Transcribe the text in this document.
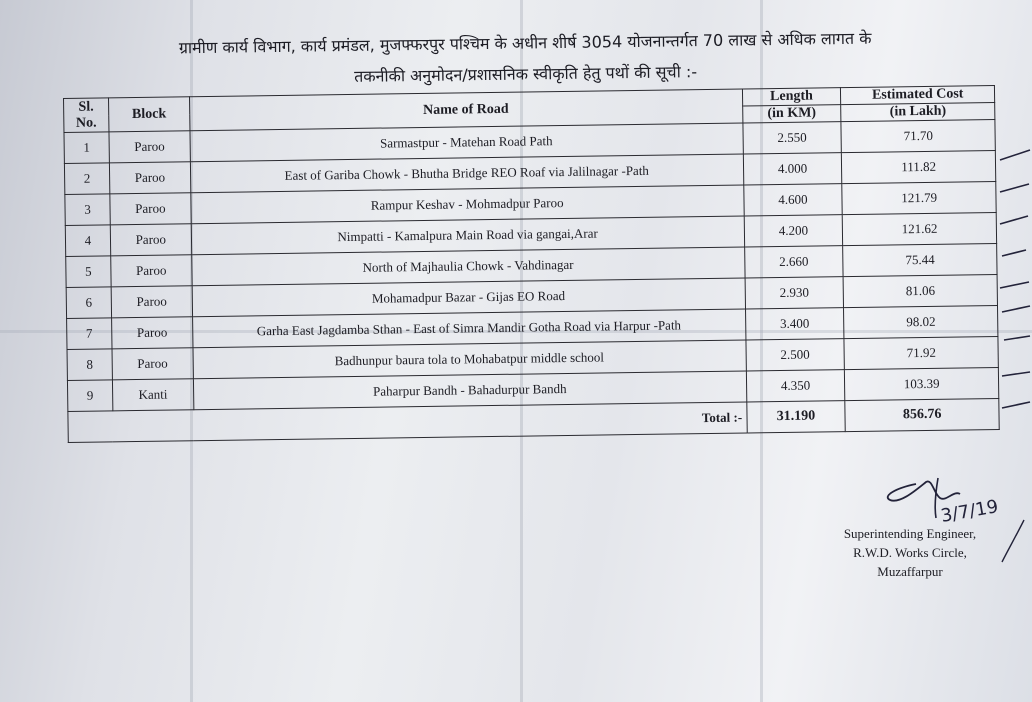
ग्रामीण कार्य विभाग, कार्य प्रमंडल, मुजफ्फरपुर पश्चिम के अधीन शीर्ष 3054 योजनान्तर्गत 70 लाख से अधिक लागत के
तकनीकी अनुमोदन/प्रशासनिक स्वीकृति हेतु पथों की सूची :-
Sl.
No.	Block	Name of Road	Length	Estimated Cost
			(in KM)	(in Lakh)
1	Paroo	Sarmastpur - Matehan Road Path	2.550	71.70
2	Paroo	East of Gariba Chowk - Bhutha Bridge REO Roaf via Jalilnagar -Path	4.000	111.82
3	Paroo	Rampur Keshav - Mohmadpur Paroo	4.600	121.79
4	Paroo	Nimpatti - Kamalpura Main Road via gangai,Arar	4.200	121.62
5	Paroo	North of Majhaulia Chowk - Vahdinagar	2.660	75.44
6	Paroo	Mohamadpur Bazar - Gijas EO Road	2.930	81.06
7	Paroo	Garha East Jagdamba Sthan - East of Simra Mandir Gotha Road via Harpur -Path	3.400	98.02
8	Paroo	Badhunpur baura tola to Mohabatpur middle school	2.500	71.92
9	Kanti	Paharpur Bandh - Bahadurpur Bandh	4.350	103.39
Total :-			31.190	856.76
3/7/19
Superintending Engineer,
R.W.D. Works Circle,
Muzaffarpur
